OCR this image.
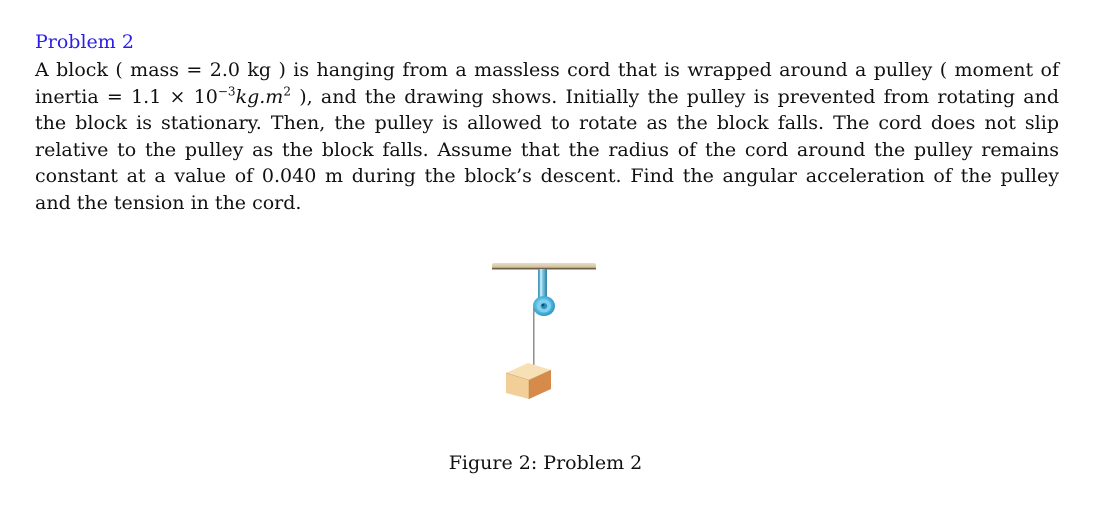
Problem 2
A block ( mass = 2.0 kg ) is hanging from a massless cord that is wrapped around a pulley ( moment of
inertia = $1.1 \times 10^{-3}kg.m^2$ ), and the drawing shows. Initially the pulley is prevented from rotating and
the block is stationary. Then, the pulley is allowed to rotate as the block falls. The cord does not slip
relative to the pulley as the block falls. Assume that the radius of the cord around the pulley remains
constant at a value of 0.040 m during the block’s descent. Find the angular acceleration of the pulley
and the tension in the cord.
Figure 2: Problem 2
